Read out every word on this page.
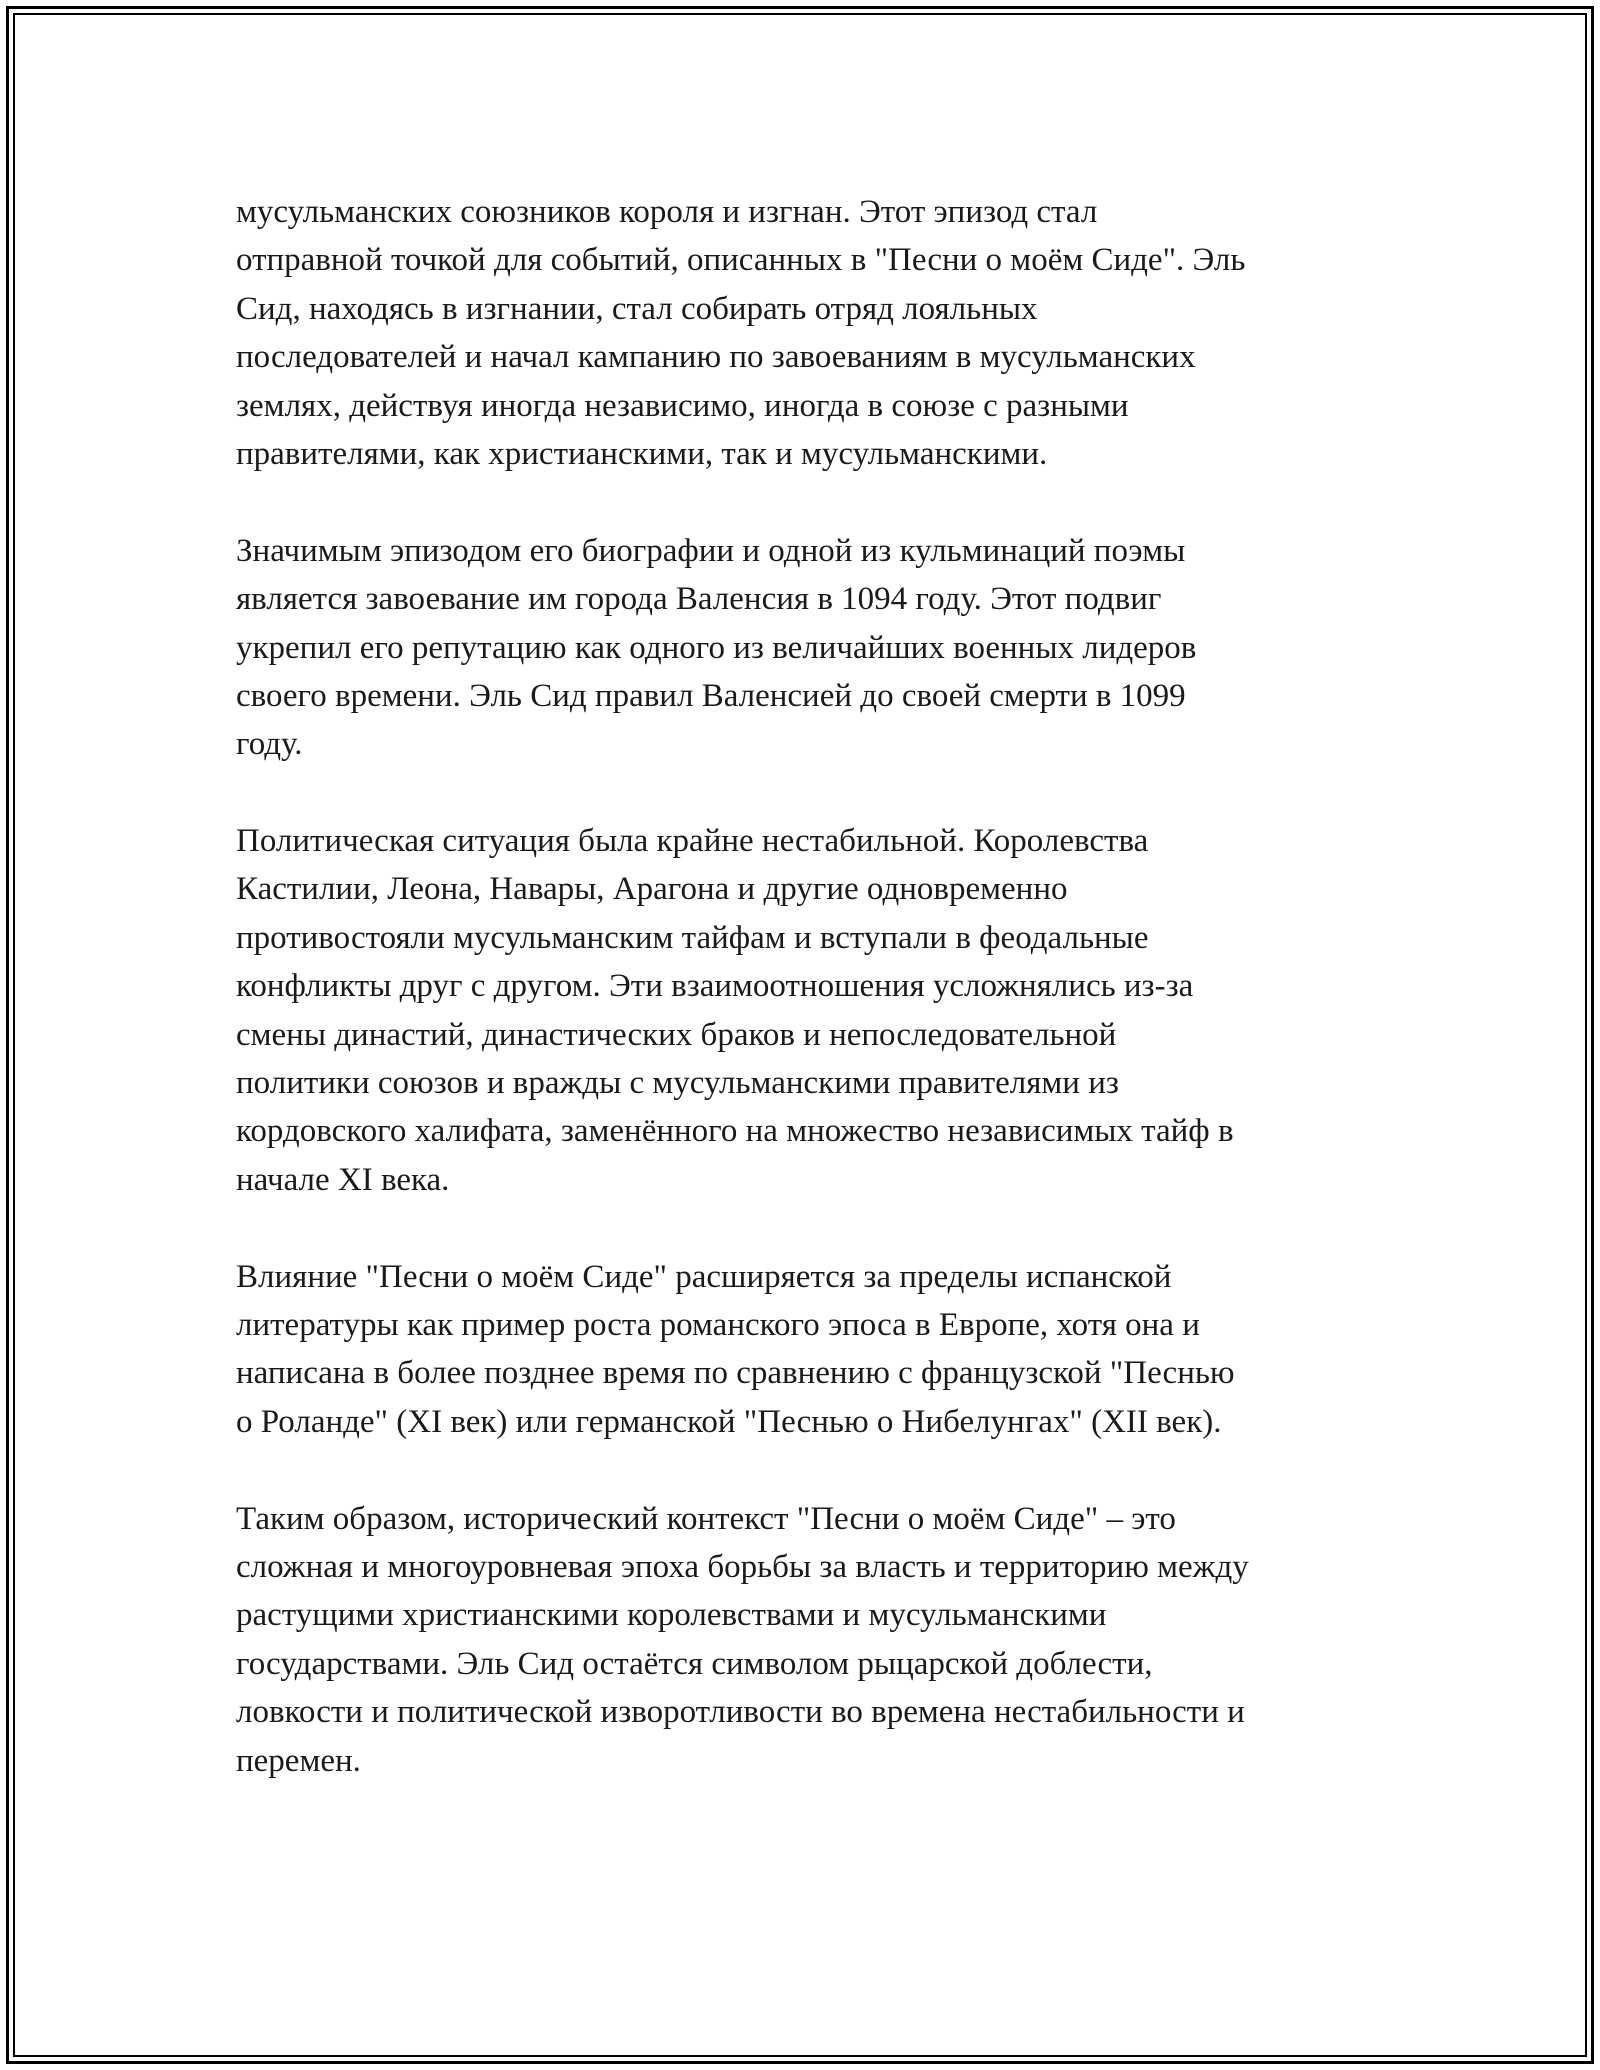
мусульманских союзников короля и изгнан. Этот эпизод стал
отправной точкой для событий, описанных в "Песни о моём Сиде". Эль
Сид, находясь в изгнании, стал собирать отряд лояльных
последователей и начал кампанию по завоеваниям в мусульманских
землях, действуя иногда независимо, иногда в союзе с разными
правителями, как христианскими, так и мусульманскими.
Значимым эпизодом его биографии и одной из кульминаций поэмы
является завоевание им города Валенсия в 1094 году. Этот подвиг
укрепил его репутацию как одного из величайших военных лидеров
своего времени. Эль Сид правил Валенсией до своей смерти в 1099
году.
Политическая ситуация была крайне нестабильной. Королевства
Кастилии, Леона, Навары, Арагона и другие одновременно
противостояли мусульманским тайфам и вступали в феодальные
конфликты друг с другом. Эти взаимоотношения усложнялись из-за
смены династий, династических браков и непоследовательной
политики союзов и вражды с мусульманскими правителями из
кордовского халифата, заменённого на множество независимых тайф в
начале XI века.
Влияние "Песни о моём Сиде" расширяется за пределы испанской
литературы как пример роста романского эпоса в Европе, хотя она и
написана в более позднее время по сравнению с французской "Песнью
о Роланде" (XI век) или германской "Песнью о Нибелунгах" (XII век).
Таким образом, исторический контекст "Песни о моём Сиде" – это
сложная и многоуровневая эпоха борьбы за власть и территорию между
растущими христианскими королевствами и мусульманскими
государствами. Эль Сид остаётся символом рыцарской доблести,
ловкости и политической изворотливости во времена нестабильности и
перемен.
